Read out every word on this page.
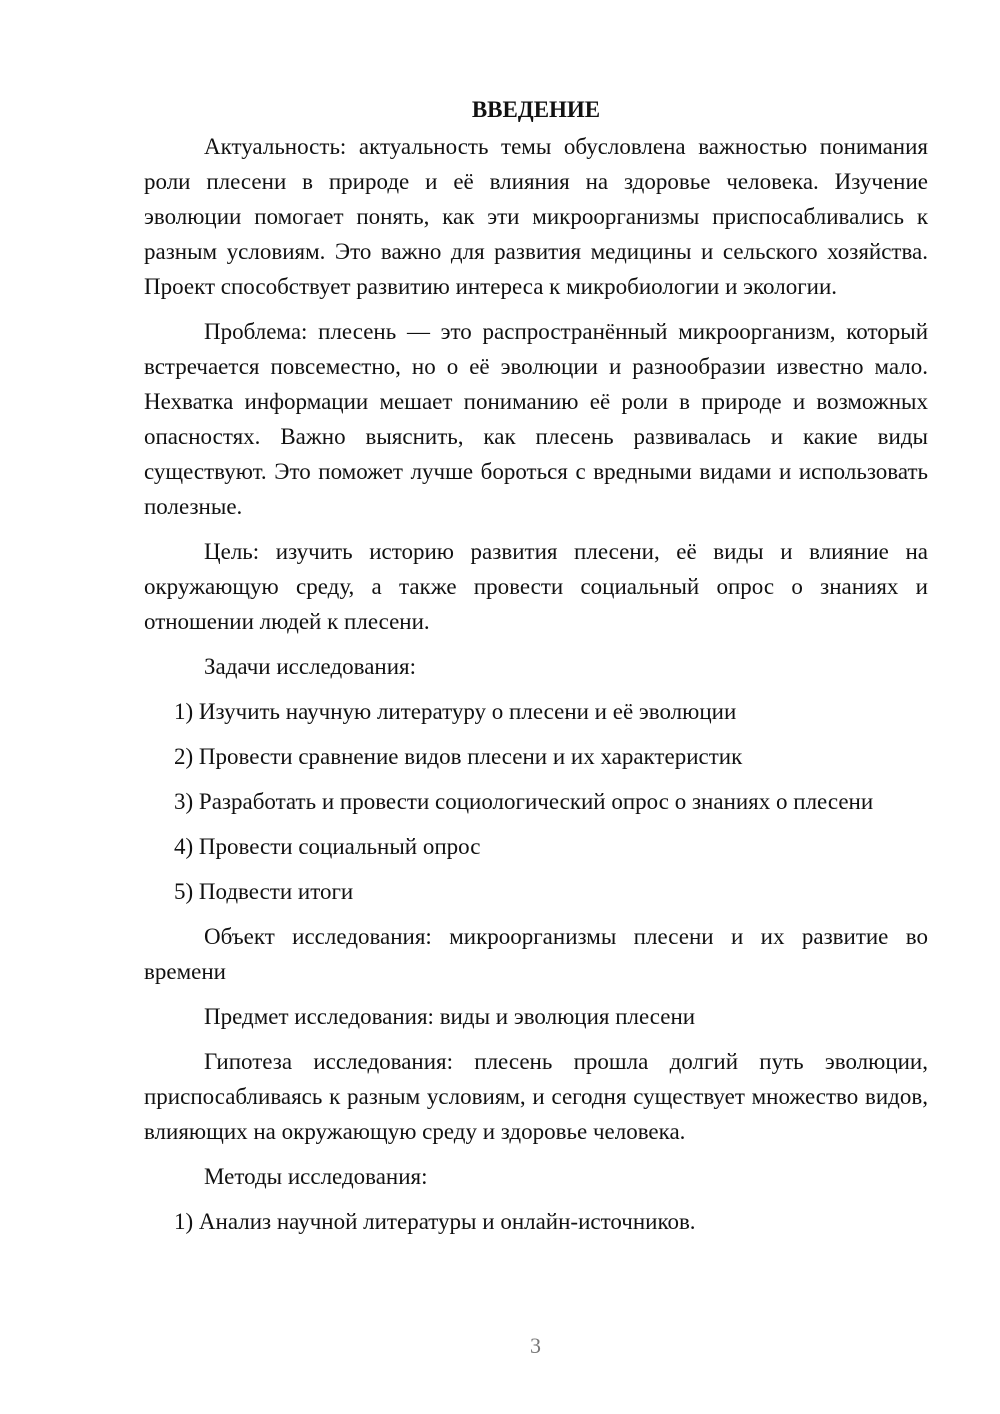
ВВЕДЕНИЕ

Актуальность: актуальность темы обусловлена важностью понимания роли плесени в природе и её влияния на здоровье человека. Изучение эволюции помогает понять, как эти микроорганизмы приспосабливались к разным условиям. Это важно для развития медицины и сельского хозяйства. Проект способствует развитию интереса к микробиологии и экологии.

Проблема: плесень — это распространённый микроорганизм, который встречается повсеместно, но о её эволюции и разнообразии известно мало. Нехватка информации мешает пониманию её роли в природе и возможных опасностях. Важно выяснить, как плесень развивалась и какие виды существуют. Это поможет лучше бороться с вредными видами и использовать полезные.

Цель: изучить историю развития плесени, её виды и влияние на окружающую среду, а также провести социальный опрос о знаниях и отношении людей к плесени.

Задачи исследования:

1) Изучить научную литературу о плесени и её эволюции

2) Провести сравнение видов плесени и их характеристик

3) Разработать и провести социологический опрос о знаниях о плесени

4) Провести социальный опрос

5) Подвести итоги

Объект исследования: микроорганизмы плесени и их развитие во времени

Предмет исследования: виды и эволюция плесени

Гипотеза исследования: плесень прошла долгий путь эволюции, приспосабливаясь к разным условиям, и сегодня существует множество видов, влияющих на окружающую среду и здоровье человека.

Методы исследования:

1) Анализ научной литературы и онлайн-источников.

3
